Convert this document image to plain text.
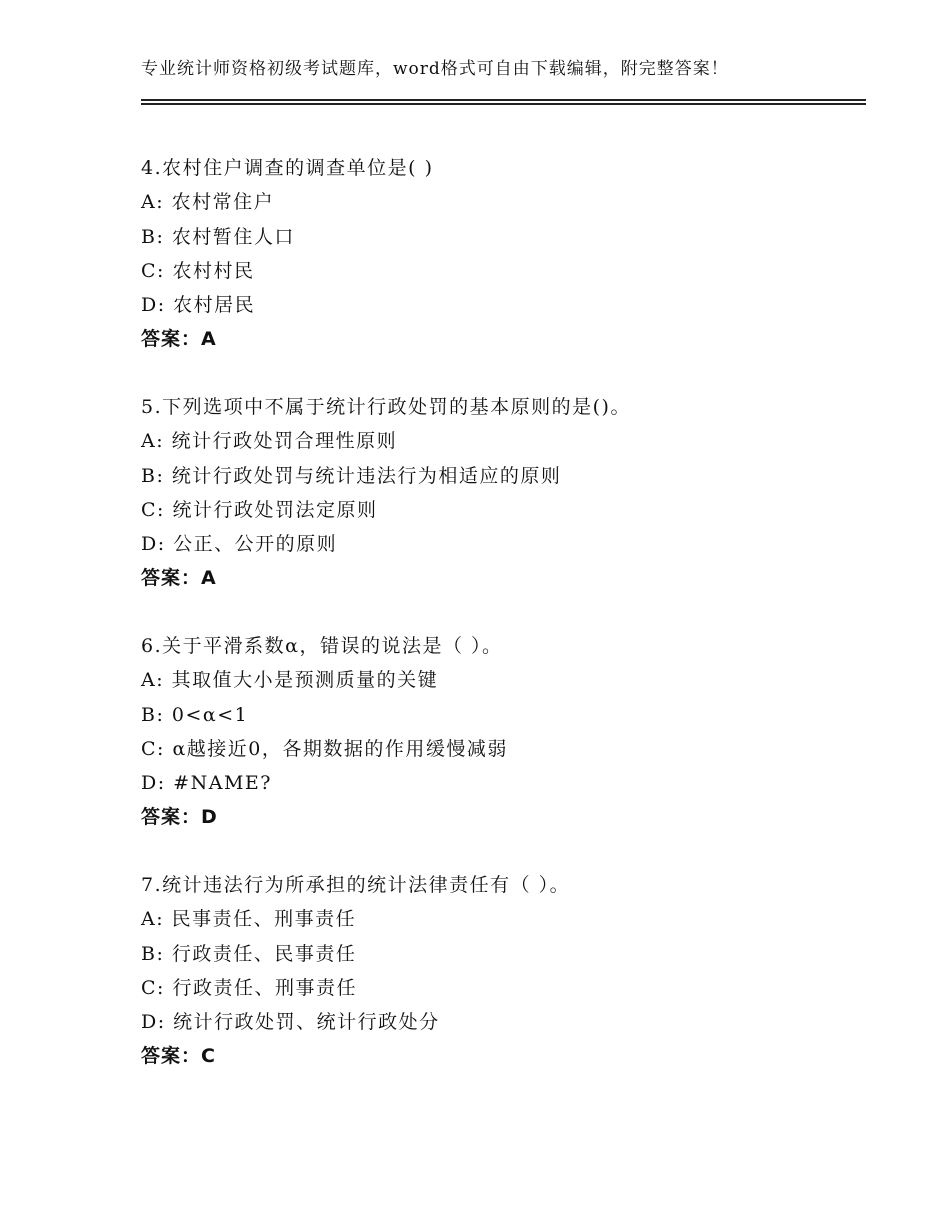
专业统计师资格初级考试题库，word格式可自由下载编辑，附完整答案！
4.农村住户调查的调查单位是( )
A: 农村常住户
B: 农村暂住人口
C: 农村村民
D: 农村居民
答案：A
5.下列选项中不属于统计行政处罚的基本原则的是()。
A: 统计行政处罚合理性原则
B: 统计行政处罚与统计违法行为相适应的原则
C: 统计行政处罚法定原则
D: 公正、公开的原则
答案：A
6.关于平滑系数α，错误的说法是（ ）。
A: 其取值大小是预测质量的关键
B: 0<α<1
C: α越接近0，各期数据的作用缓慢减弱
D: #NAME?
答案：D
7.统计违法行为所承担的统计法律责任有（ ）。
A: 民事责任、刑事责任
B: 行政责任、民事责任
C: 行政责任、刑事责任
D: 统计行政处罚、统计行政处分
答案：C
